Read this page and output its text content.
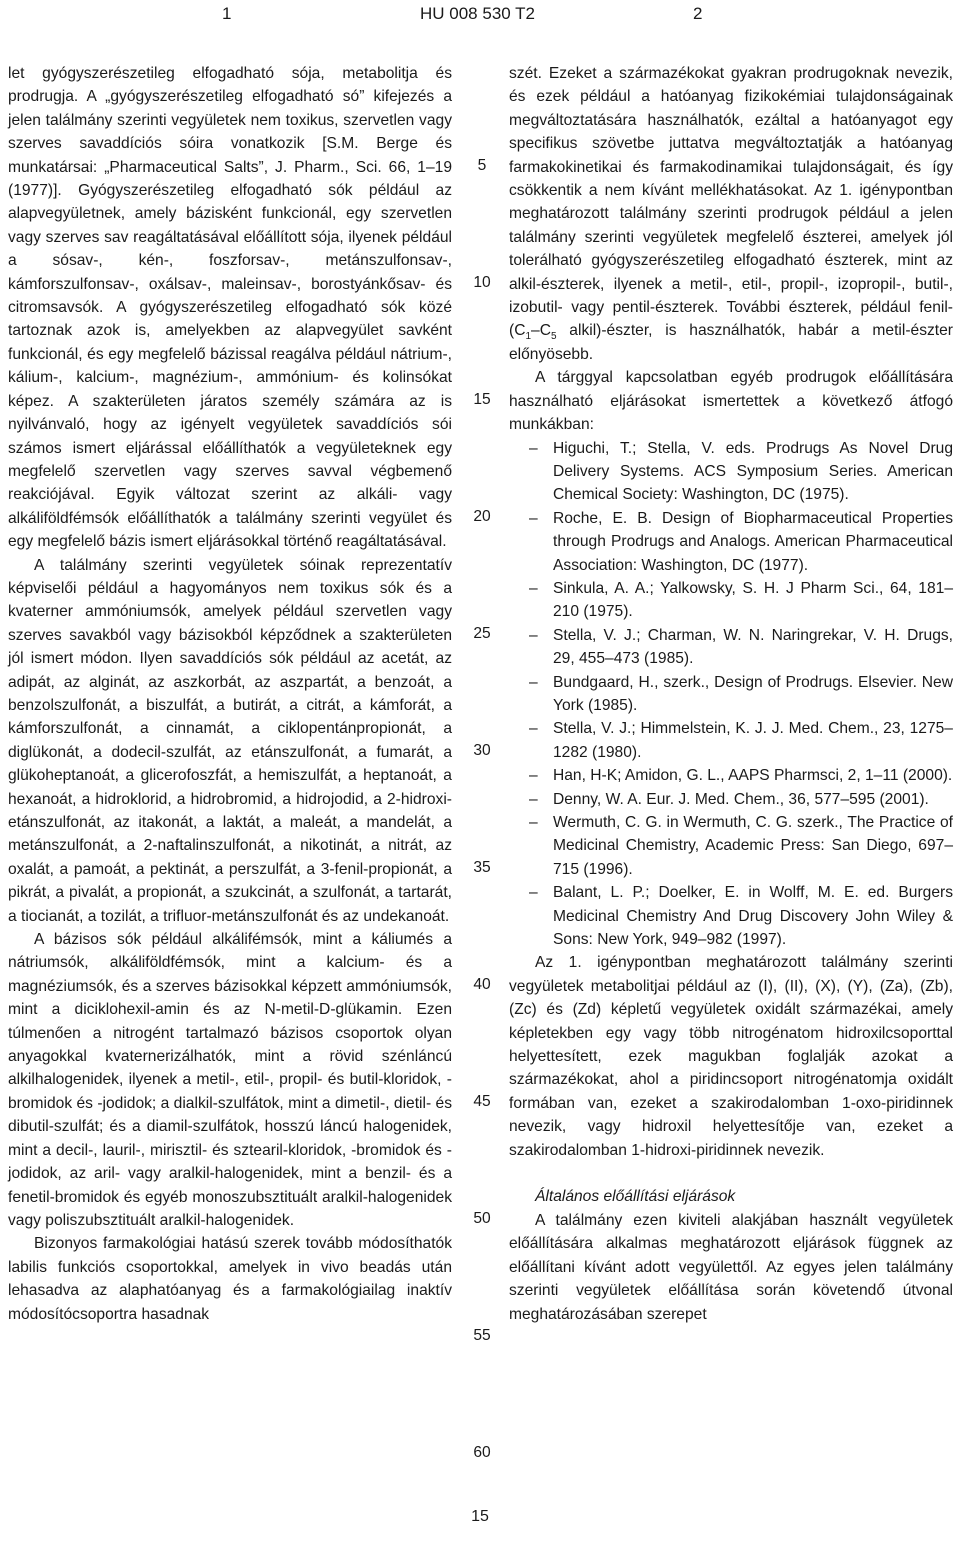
1	HU 008 530 T2	2

let gyógyszerészetileg elfogadható sója, metabolitja és prodrugja. A „gyógyszerészetileg elfogadható só” kifejezés a jelen találmány szerinti vegyületek nem toxikus, szervetlen vagy szerves savaddíciós sóira vonatkozik [S.M. Berge és munkatársai: „Pharmaceutical Salts”, J. Pharm., Sci. 66, 1–19 (1977)]. Gyógyszerészetileg elfogadható sók például az alapvegyületnek, amely bázisként funkcionál, egy szervetlen vagy szerves sav reagáltatásával előállított sója, ilyenek például a sósav-, kén-, foszforsav-, metánszulfonsav-, kámforszulfonsav-, oxálsav-, maleinsav-, borostyánkősav- és citromsavsók. A gyógyszerészetileg elfogadható sók közé tartoznak azok is, amelyekben az alapvegyület savként funkcionál, és egy megfelelő bázissal reagálva például nátrium-, kálium-, kalcium-, magnézium-, ammónium- és kolinsókat képez. A szakterületen járatos személy számára az is nyilvánvaló, hogy az igényelt vegyületek savaddíciós sói számos ismert eljárással előállíthatók a vegyületeknek egy megfelelő szervetlen vagy szerves savval végbemenő reakciójával. Egyik változat szerint az alkáli- vagy alkáliföldfémsók előállíthatók a találmány szerinti vegyület és egy megfelelő bázis ismert eljárásokkal történő reagáltatásával.

A találmány szerinti vegyületek sóinak reprezentatív képviselői például a hagyományos nem toxikus sók és a kvaterner ammóniumsók, amelyek például szervetlen vagy szerves savakból vagy bázisokból képződnek a szakterületen jól ismert módon. Ilyen savaddíciós sók például az acetát, az adipát, az alginát, az aszkorbát, az aszpartát, a benzoát, a benzolszulfonát, a biszulfát, a butirát, a citrát, a kámforát, a kámforszulfonát, a cinnamát, a ciklopentánpropionát, a diglükonát, a dodecil-szulfát, az etánszulfonát, a fumarát, a glükoheptanoát, a glicerofoszfát, a hemiszulfát, a heptanoát, a hexanoát, a hidroklorid, a hidrobromid, a hidrojodid, a 2-hidroxi-etánszulfonát, az itakonát, a laktát, a maleát, a mandelát, a metánszulfonát, a 2-naftalinszulfonát, a nikotinát, a nitrát, az oxalát, a pamoát, a pektinát, a perszulfát, a 3-fenil-propionát, a pikrát, a pivalát, a propionát, a szukcinát, a szulfonát, a tartarát, a tiocianát, a tozilát, a trifluor-metánszulfonát és az undekanoát.

A bázisos sók például alkálifémsók, mint a káliumés a nátriumsók, alkáliföldfémsók, mint a kalcium- és a magnéziumsók, és a szerves bázisokkal képzett ammóniumsók, mint a diciklohexil-amin és az N-metil-D-glükamin. Ezen túlmenően a nitrogént tartalmazó bázisos csoportok olyan anyagokkal kvaternerizálhatók, mint a rövid szénláncú alkilhalogenidek, ilyenek a metil-, etil-, propil- és butil-kloridok, -bromidok és -jodidok; a dialkil-szulfátok, mint a dimetil-, dietil- és dibutil-szulfát; és a diamil-szulfátok, hosszú láncú halogenidek, mint a decil-, lauril-, mirisztil- és sztearil-kloridok, -bromidok és -jodidok, az aril- vagy aralkil-halogenidek, mint a benzil- és a fenetil-bromidok és egyéb monoszubsztituált aralkil-halogenidek vagy poliszubsztituált aralkil-halogenidek.

Bizonyos farmakológiai hatású szerek tovább módosíthatók labilis funkciós csoportokkal, amelyek in vivo beadás után lehasadva az alaphatóanyag és a farmakológiailag inaktív módosítócsoportra hasadnak

szét. Ezeket a származékokat gyakran prodrugoknak nevezik, és ezek például a hatóanyag fizikokémiai tulajdonságainak megváltoztatására használhatók, ezáltal a hatóanyagot egy specifikus szövetbe juttatva megváltoztatják a hatóanyag farmakokinetikai és farmakodinamikai tulajdonságait, és így csökkentik a nem kívánt mellékhatásokat. Az 1. igénypontban meghatározott találmány szerinti prodrugok például a jelen találmány szerinti vegyületek megfelelő észterei, amelyek jól tolerálható gyógyszerészetileg elfogadható észterek, mint az alkil-észterek, ilyenek a metil-, etil-, propil-, izopropil-, butil-, izobutil- vagy pentil-észterek. További észterek, például fenil-($C_1-C_5$ alkil)-észter, is használhatók, habár a metil-észter előnyösebb.

A tárggyal kapcsolatban egyéb prodrugok előállítására használható eljárásokat ismertettek a következő átfogó munkákban:

– Higuchi, T.; Stella, V. eds. Prodrugs As Novel Drug Delivery Systems. ACS Symposium Series. American Chemical Society: Washington, DC (1975).

– Roche, E. B. Design of Biopharmaceutical Properties through Prodrugs and Analogs. American Pharmaceutical Association: Washington, DC (1977).

– Sinkula, A. A.; Yalkowsky, S. H. J Pharm Sci., 64, 181–210 (1975).

– Stella, V. J.; Charman, W. N. Naringrekar, V. H. Drugs, 29, 455–473 (1985).

– Bundgaard, H., szerk., Design of Prodrugs. Elsevier. New York (1985).

– Stella, V. J.; Himmelstein, K. J. J. Med. Chem., 23, 1275–1282 (1980).

– Han, H-K; Amidon, G. L., AAPS Pharmsci, 2, 1–11 (2000).

– Denny, W. A. Eur. J. Med. Chem., 36, 577–595 (2001).

– Wermuth, C. G. in Wermuth, C. G. szerk., The Practice of Medicinal Chemistry, Academic Press: San Diego, 697–715 (1996).

– Balant, L. P.; Doelker, E. in Wolff, M. E. ed. Burgers Medicinal Chemistry And Drug Discovery John Wiley & Sons: New York, 949–982 (1997).

Az 1. igénypontban meghatározott találmány szerinti vegyületek metabolitjai például az (I), (II), (X), (Y), (Za), (Zb), (Zc) és (Zd) képletű vegyületek oxidált származékai, amely képletekben egy vagy több nitrogénatom hidroxilcsoporttal helyettesített, ezek magukban foglalják azokat a származékokat, ahol a piridincsoport nitrogénatomja oxidált formában van, ezeket a szakirodalomban 1-oxo-piridinnek nevezik, vagy hidroxil helyettesítője van, ezeket a szakirodalomban 1-hidroxi-piridinnek nevezik.

Általános előállítási eljárások

A találmány ezen kiviteli alakjában használt vegyületek előállítására alkalmas meghatározott eljárások függnek az előállítani kívánt adott vegyülettől. Az egyes jelen találmány szerinti vegyületek előállítása során követendő útvonal meghatározásában szerepet

5
10
15
20
25
30
35
40
45
50
55
60
15
